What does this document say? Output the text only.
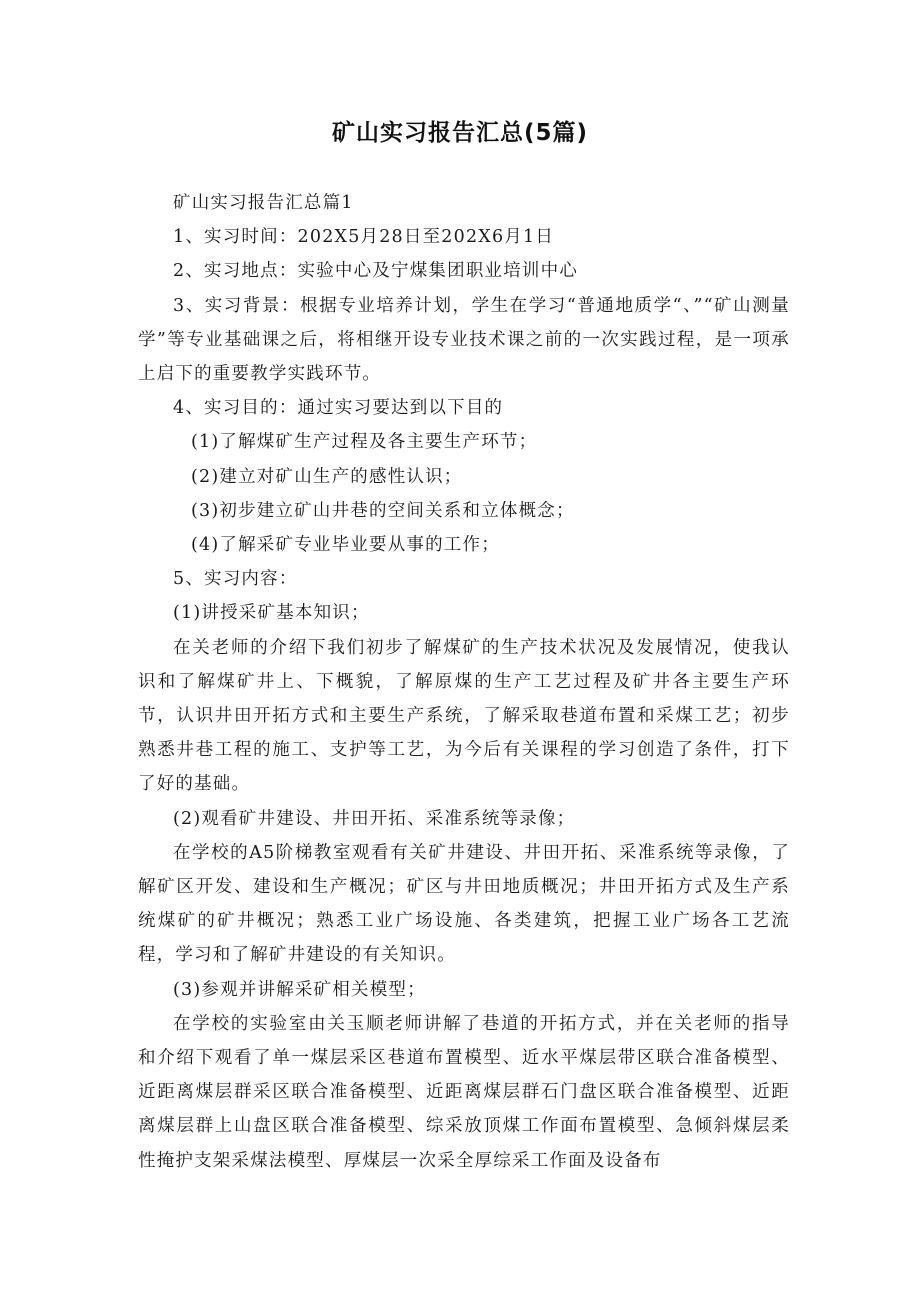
矿山实习报告汇总(5篇)

矿山实习报告汇总篇1

1、实习时间：202X5月28日至202X6月1日

2、实习地点：实验中心及宁煤集团职业培训中心

3、实习背景：根据专业培养计划，学生在学习“普通地质学“、”“矿山测量学”等专业基础课之后，将相继开设专业技术课之前的一次实践过程，是一项承上启下的重要教学实践环节。

4、实习目的：通过实习要达到以下目的

(1)了解煤矿生产过程及各主要生产环节；

(2)建立对矿山生产的感性认识；

(3)初步建立矿山井巷的空间关系和立体概念；

(4)了解采矿专业毕业要从事的工作；

5、实习内容：

(1)讲授采矿基本知识；

在关老师的介绍下我们初步了解煤矿的生产技术状况及发展情况，使我认识和了解煤矿井上、下概貌，了解原煤的生产工艺过程及矿井各主要生产环节，认识井田开拓方式和主要生产系统，了解采取巷道布置和采煤工艺；初步熟悉井巷工程的施工、支护等工艺，为今后有关课程的学习创造了条件，打下了好的基础。

(2)观看矿井建设、井田开拓、采准系统等录像；

在学校的A5阶梯教室观看有关矿井建设、井田开拓、采准系统等录像，了解矿区开发、建设和生产概况；矿区与井田地质概况；井田开拓方式及生产系统煤矿的矿井概况；熟悉工业广场设施、各类建筑，把握工业广场各工艺流程，学习和了解矿井建设的有关知识。

(3)参观并讲解采矿相关模型；

在学校的实验室由关玉顺老师讲解了巷道的开拓方式，并在关老师的指导和介绍下观看了单一煤层采区巷道布置模型、近水平煤层带区联合准备模型、近距离煤层群采区联合准备模型、近距离煤层群石门盘区联合准备模型、近距离煤层群上山盘区联合准备模型、综采放顶煤工作面布置模型、急倾斜煤层柔性掩护支架采煤法模型、厚煤层一次采全厚综采工作面及设备布
